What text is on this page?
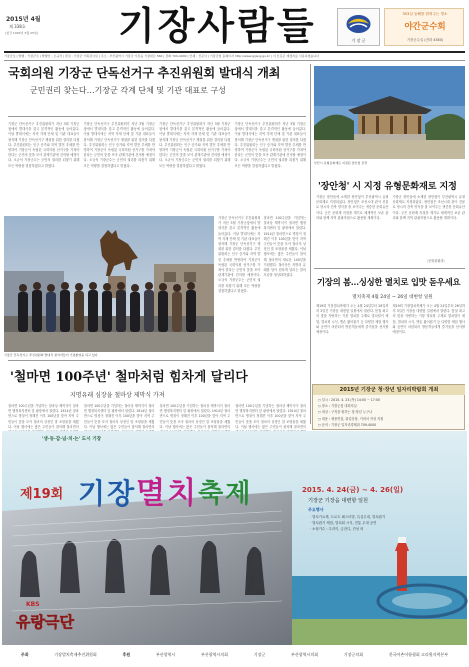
2015년 4월
제 338호
(창간 1993년 3월 25일) 기장사람들	기 장 군
353일 동해를 밝혀주는 명소
야간군수회
기장군수실 (전화 4380)
기장군보 | 발행 : 기장군수 | 발행인 : 오규석 | 편집 : 기장군 기획감사실 | 주소 : 부산광역시 기장군 기장읍 기장대로 560 | 전화 709-4000 | 인쇄 : 신문사 | 기장군청 홈페이지 http://www.gijang.go.kr | 이 신문은 재생지를 사용하였습니다
국회의원 기장군 단독선거구 추진위원회 발대식 개최
군민권리 찾는다…기장군 각계 단체 및 기관 대표로 구성
기장군 단독선거구 추진위원회가 지난 3월 기장군청에서 발대식을 갖고 본격적인 활동에 들어갔다. 이날 발대식에는 지역 각계 단체 및 기관 대표들이 참석해 기장군 단독선거구 쟁취를 위한 결의를 다졌다. 추진위원회는 인구 증가와 지역 발전 추세를 반영하여 기장군이 독립된 국회의원 선거구를 가져야 한다는 군민의 뜻을 모아 관계기관에 건의할 예정이다. 오규석 기장군수는 군민의 권리를 되찾기 위해 모든 역량을 결집하겠다고 밝혔다.
기장군 단독선거구 추진위원회가 지난 3월 기장군청에서 발대식을 갖고 본격적인 활동에 들어갔다. 이날 발대식에는 지역 각계 단체 및 기관 대표들이 참석해 기장군 단독선거구 쟁취를 위한 결의를 다졌다. 추진위원회는 인구 증가와 지역 발전 추세를 반영하여 기장군이 독립된 국회의원 선거구를 가져야 한다는 군민의 뜻을 모아 관계기관에 건의할 예정이다. 오규석 기장군수는 군민의 권리를 되찾기 위해 모든 역량을 결집하겠다고 밝혔다.
기장군 단독선거구 추진위원회가 지난 3월 기장군청에서 발대식을 갖고 본격적인 활동에 들어갔다. 이날 발대식에는 지역 각계 단체 및 기관 대표들이 참석해 기장군 단독선거구 쟁취를 위한 결의를 다졌다. 추진위원회는 인구 증가와 지역 발전 추세를 반영하여 기장군이 독립된 국회의원 선거구를 가져야 한다는 군민의 뜻을 모아 관계기관에 건의할 예정이다. 오규석 기장군수는 군민의 권리를 되찾기 위해 모든 역량을 결집하겠다고 밝혔다.
기장군 단독선거구 추진위원회가 지난 3월 기장군청에서 발대식을 갖고 본격적인 활동에 들어갔다. 이날 발대식에는 지역 각계 단체 및 기관 대표들이 참석해 기장군 단독선거구 쟁취를 위한 결의를 다졌다. 추진위원회는 인구 증가와 지역 발전 추세를 반영하여 기장군이 독립된 국회의원 선거구를 가져야 한다는 군민의 뜻을 모아 관계기관에 건의할 예정이다. 오규석 기장군수는 군민의 권리를 되찾기 위해 모든 역량을 결집하겠다고 밝혔다.
기장군 단독선거구 추진위원회 발대식 참석자들이 기념촬영을 하고 있다
기장군 단독선거구 추진위원회가 지난 3월 기장군청에서 발대식을 갖고 본격적인 활동에 들어갔다. 이날 발대식에는 지역 각계 단체 및 기관 대표들이 참석해 기장군 단독선거구 쟁취를 위한 결의를 다졌다. 추진위원회는 인구 증가와 지역 발전 추세를 반영하여 기장군이 독립된 국회의원 선거구를 가져야 한다는 군민의 뜻을 모아 관계기관에 건의할 예정이다. 오규석 기장군수는 군민의 권리를 되찾기 위해 모든 역량을 결집하겠다고 밝혔다.
철마면 100주년을 기념하는 철마상 제막식이 철마면 행정복지센터 앞 광장에서 열렸다. 1914년 철마면으로 명칭이 정해진 이후 100년을 맞아 지역 주민들이 뜻을 모아 철마의 상징인 말 조형물을 세웠다. 이날 행사에는 많은 주민들이 참석해 철마면의 새로운 100년을 기원했다. 철마상은 지명의 유래를 담아 힘차게 달리는 말의 모습을 형상화하였다.
'철마면 100주년' 철마처럼 힘차게 달리다
지명유래 심장을 철마상 제막식 가져
철마면 100주년을 기념하는 철마상 제막식이 철마면 행정복지센터 앞 광장에서 열렸다. 1914년 철마면으로 명칭이 정해진 이후 100년을 맞아 지역 주민들이 뜻을 모아 철마의 상징인 말 조형물을 세웠다. 이날 행사에는 많은 주민들이 참석해 철마면의
철마면 100주년을 기념하는 철마상 제막식이 철마면 행정복지센터 앞 광장에서 열렸다. 1914년 철마면으로 명칭이 정해진 이후 100년을 맞아 지역 주민들이 뜻을 모아 철마의 상징인 말 조형물을 세웠다. 이날 행사에는 많은 주민들이 참석해 철마면의
철마면 100주년을 기념하는 철마상 제막식이 철마면 행정복지센터 앞 광장에서 열렸다. 1914년 철마면으로 명칭이 정해진 이후 100년을 맞아 지역 주민들이 뜻을 모아 철마의 상징인 말 조형물을 세웠다. 이날 행사에는 많은 주민들이 참석해 철마면의
철마면 100주년을 기념하는 철마상 제막식이 철마면 행정복지센터 앞 광장에서 열렸다. 1914년 철마면으로 명칭이 정해진 이후 100년을 맞아 지역 주민들이 뜻을 모아 철마의 상징인 말 조형물을 세웠다. 이날 행사에는 많은 주민들이 참석해 철마면의
부산시 유형문화재로 지정된 장안청 전경
'장안청' 시 지정 유형문화재로 지정
기장군 장안읍에 소재한 장안청이 부산광역시 유형문화재로 지정되었다. 장안청은 조선시대 관아 건물로 당시의 건축 양식을 잘 보여주는 귀중한 문화유산이다. 군은 문화재 지정을 계기로 체계적인 보존 관리와 함께 지역 관광자원으로 활용할 계획이다.
기장군 장안읍에 소재한 장안청이 부산광역시 유형문화재로 지정되었다. 장안청은 조선시대 관아 건물로 당시의 건축 양식을 잘 보여주는 귀중한 문화유산이다. 군은 문화재 지정을 계기로 체계적인 보존 관리와 함께 지역 관광자원으로 활용할 계획이다.
〈문화관광과〉
기장의 봄…싱싱한 멸치로 입맛 돋우세요
멸치축제 4월 24일 ~ 26일 대변항 일원
제19회 기장멸치축제가 오는 4월 24일부터 26일까지 3일간 기장읍 대변항 일원에서 열린다. 봄철 최고의 맛을 자랑하는 기장 멸치를 주제로 멸치털이 체험, 멸치회 시식, 맨손 활어잡기 등 다양한 체험 행사와 공연이 마련되어 방문객들에게 즐거움을 선사할 예정이다.
제19회 기장멸치축제가 오는 4월 24일부터 26일까지 3일간 기장읍 대변항 일원에서 열린다. 봄철 최고의 맛을 자랑하는 기장 멸치를 주제로 멸치털이 체험, 멸치회 시식, 맨손 활어잡기 등 다양한 체험 행사와 공연이 마련되어 방문객들에게 즐거움을 선사할 예정이다.
2015년 기장군 청·장년 일자리박람회 개최
○ 일시 : 2015. 4. 23.(목) 14:00 ~ 17:00
○ 장소 : 기장군청 대회의실
○ 대상 : 구직을 원하는 청·장년 누구나
○ 내용 : 채용면접, 취업상담, 이력서 작성 지원
○ 문의 : 기장군 일자리경제과 709-4000
'생·동·감·넘·치·는' 도시 기장
제19회 기 장 멸 치 축 제	2015. 4. 24(금) ~ 4. 26(일)
기장군 기장읍 대변항 일원
주요행사
· 멸치가요제, 트로트 페스티벌, 특설무대, 멸치잡기
· 멸치잡기 체험, 멸치회 시식, 전통 무대 공연
· 소형가수 : 우리이, 금잔디, 진성 외
KBS
유랑극단
주최	기장멸치축제추진위원회	후원	부산광역시	부산광역시의회	기장군	부산광역시의회	기장군의회	한국어촌어항협회 고리원자력본부
